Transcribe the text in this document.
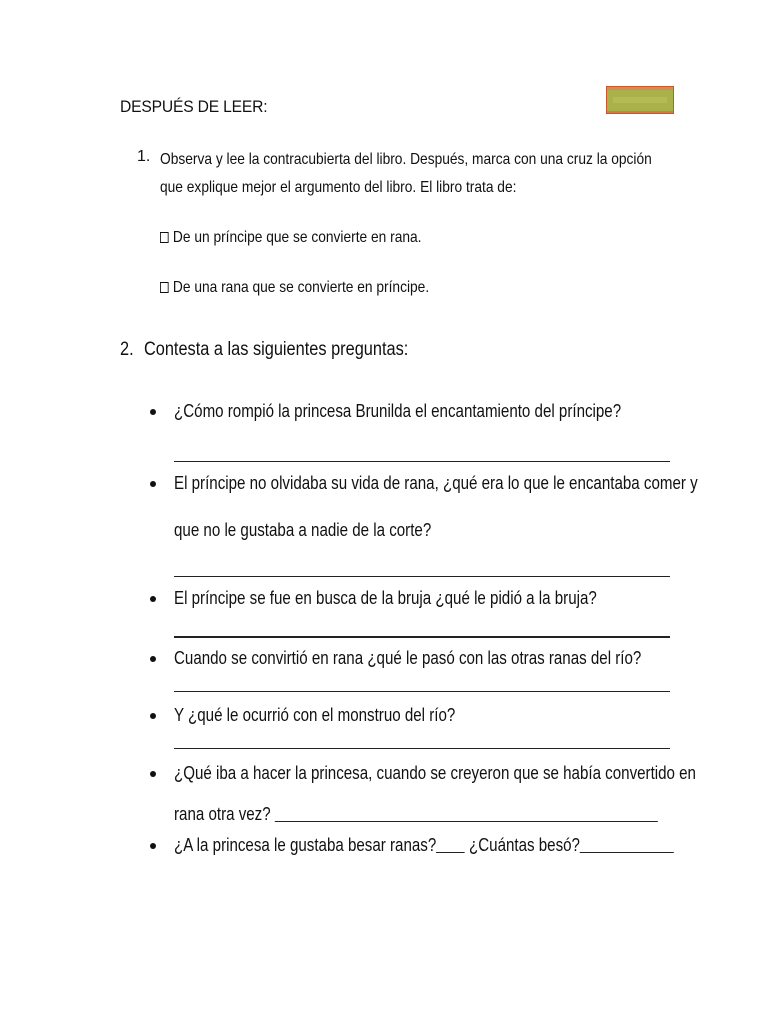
DESPUÉS DE LEER:
1. Observa y lee la contracubierta del libro. Después, marca con una cruz la opción que explique mejor el argumento del libro. El libro trata de:
De un príncipe que se convierte en rana.
De una rana que se convierte en príncipe.
2. Contesta a las siguientes preguntas:
¿Cómo rompió la princesa Brunilda el encantamiento del príncipe?
El príncipe no olvidaba su vida de rana, ¿qué era lo que le encantaba comer y
que no le gustaba a nadie de la corte?
El príncipe se fue en busca de la bruja ¿qué le pidió a la bruja?
Cuando se convirtió en rana ¿qué le pasó con las otras ranas del río?
Y ¿qué le ocurrió con el monstruo del río?
¿Qué iba a hacer la princesa, cuando se creyeron que se había convertido en
rana otra vez?
¿A la princesa le gustaba besar ranas? ¿Cuántas besó?
